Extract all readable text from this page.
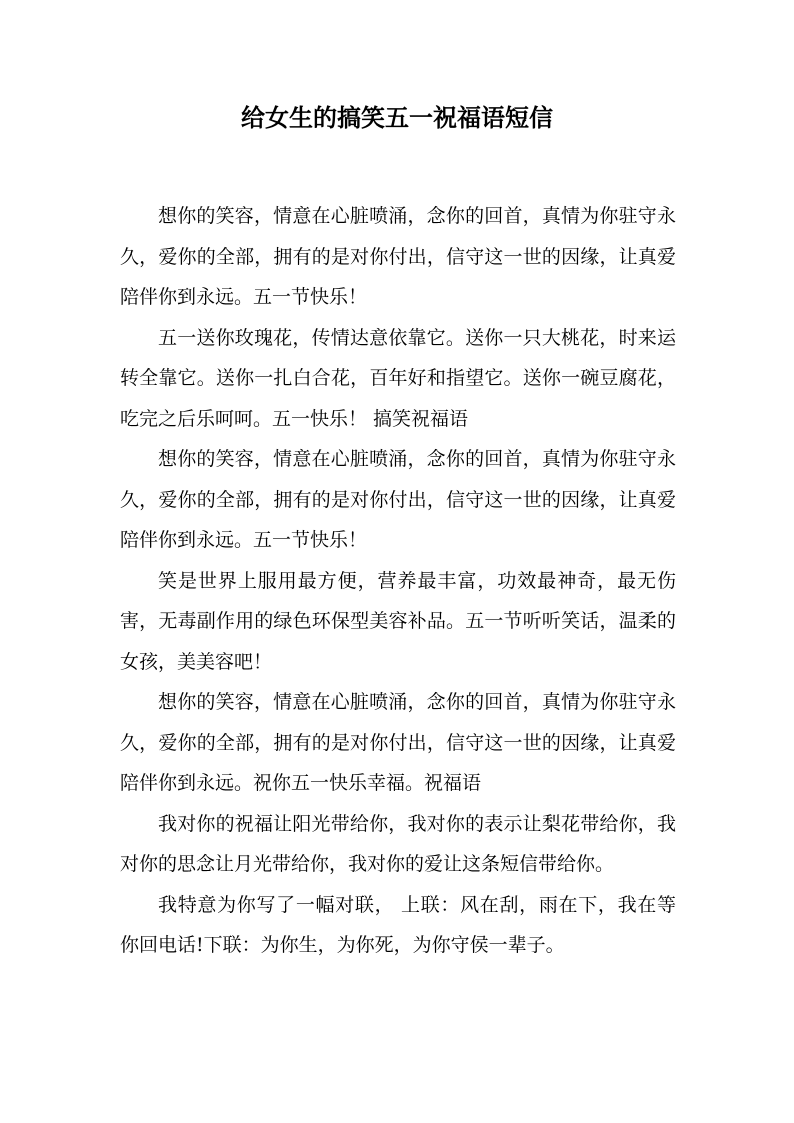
给女生的搞笑五一祝福语短信

想你的笑容，情意在心脏喷涌，念你的回首，真情为你驻守永久，爱你的全部，拥有的是对你付出，信守这一世的因缘，让真爱陪伴你到永远。五一节快乐！

五一送你玫瑰花，传情达意依靠它。送你一只大桃花，时来运转全靠它。送你一扎白合花，百年好和指望它。送你一碗豆腐花，吃完之后乐呵呵。五一快乐！ 搞笑祝福语

想你的笑容，情意在心脏喷涌，念你的回首，真情为你驻守永久，爱你的全部，拥有的是对你付出，信守这一世的因缘，让真爱陪伴你到永远。五一节快乐！

笑是世界上服用最方便，营养最丰富，功效最神奇，最无伤害，无毒副作用的绿色环保型美容补品。五一节听听笑话，温柔的女孩，美美容吧！

想你的笑容，情意在心脏喷涌，念你的回首，真情为你驻守永久，爱你的全部，拥有的是对你付出，信守这一世的因缘，让真爱陪伴你到永远。祝你五一快乐幸福。祝福语

我对你的祝福让阳光带给你，我对你的表示让梨花带给你，我对你的思念让月光带给你，我对你的爱让这条短信带给你。

我特意为你写了一幅对联， 上联：风在刮，雨在下，我在等你回电话!下联：为你生，为你死，为你守侯一辈子。
